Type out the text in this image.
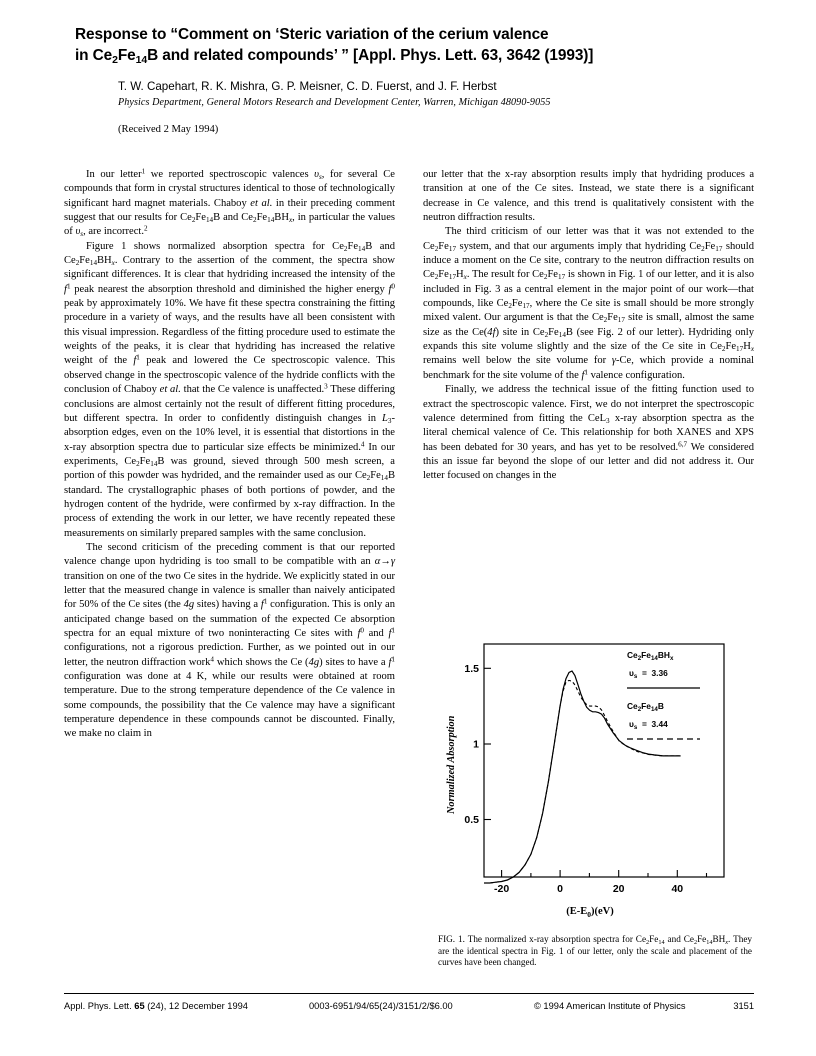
Response to “Comment on ‘Steric variation of the cerium valence
in $Ce_2Fe_{14}B$ and related compounds’ ” [Appl. Phys. Lett. 63, 3642 (1993)]
T. W. Capehart, R. K. Mishra, G. P. Meisner, C. D. Fuerst, and J. F. Herbst
Physics Department, General Motors Research and Development Center, Warren, Michigan 48090-9055
(Received 2 May 1994)

In our letter$^1$ we reported spectroscopic valences $\upsilon_s$, for several Ce compounds that form in crystal structures identical to those of technologically significant hard magnet materials. Chaboy et al. in their preceding comment suggest that our results for $Ce_2Fe_{14}B$ and $Ce_2Fe_{14}BH_x$, in particular the values of $\upsilon_s$, are incorrect.$^2$

Figure 1 shows normalized absorption spectra for $Ce_2Fe_{14}B$ and $Ce_2Fe_{14}BH_x$. Contrary to the assertion of the comment, the spectra show significant differences. It is clear that hydriding increased the intensity of the $f^1$ peak nearest the absorption threshold and diminished the higher energy $f^0$ peak by approximately 10%. We have fit these spectra constraining the fitting procedure in a variety of ways, and the results have all been consistent with this visual impression. Regardless of the fitting procedure used to estimate the weights of the peaks, it is clear that hydriding has increased the relative weight of the $f^1$ peak and lowered the Ce spectroscopic valence. This observed change in the spectroscopic valence of the hydride conflicts with the conclusion of Chaboy et al. that the Ce valence is unaffected.$^3$ These differing conclusions are almost certainly not the result of different fitting procedures, but different spectra. In order to confidently distinguish changes in $L_3-$ absorption edges, even on the 10% level, it is essential that distortions in the x-ray absorption spectra due to particular size effects be minimized.$^4$ In our experiments, $Ce_2Fe_{14}B$ was ground, sieved through 500 mesh screen, a portion of this powder was hydrided, and the remainder used as our $Ce_2Fe_{14}B$ standard. The crystallographic phases of both portions of powder, and the hydrogen content of the hydride, were confirmed by x-ray diffraction. In the process of extending the work in our letter, we have recently repeated these measurements on similarly prepared samples with the same conclusion.

The second criticism of the preceding comment is that our reported valence change upon hydriding is too small to be compatible with an α→γ transition on one of the two Ce sites in the hydride. We explicitly stated in our letter that the measured change in valence is smaller than naively anticipated for 50% of the Ce sites (the 4g sites) having a $f^1$ configuration. This is only an anticipated change based on the summation of the expected Ce absorption spectra for an equal mixture of two noninteracting Ce sites with $f^0$ and $f^1$ configurations, not a rigorous prediction. Further, as we pointed out in our letter, the neutron diffraction work$^4$ which shows the Ce (4g) sites to have a $f^1$ configuration was done at 4 K, while our results were obtained at room temperature. Due to the strong temperature dependence of the Ce valence in some compounds, the possibility that the Ce valence may have a significant temperature dependence in these compounds cannot be discounted. Finally, we make no claim in

our letter that the x-ray absorption results imply that hydriding produces a transition at one of the Ce sites. Instead, we state there is a significant decrease in Ce valence, and this trend is qualitatively consistent with the neutron diffraction results.

The third criticism of our letter was that it was not extended to the $Ce_2Fe_{17}$ system, and that our arguments imply that hydriding $Ce_2Fe_{17}$ should induce a moment on the Ce site, contrary to the neutron diffraction results on $Ce_2Fe_{17}H_x$. The result for $Ce_2Fe_{17}$ is shown in Fig. 1 of our letter, and it is also included in Fig. 3 as a central element in the major point of our work—that compounds, like $Ce_2Fe_{17}$, where the Ce site is small should be more strongly mixed valent. Our argument is that the $Ce_2Fe_{17}$ site is small, almost the same size as the Ce(4f) site in $Ce_2Fe_{14}B$ (see Fig. 2 of our letter). Hydriding only expands this site volume slightly and the size of the Ce site in $Ce_2Fe_{17}H_x$ remains well below the site volume for γ-Ce, which provide a nominal benchmark for the site volume of the $f^1$ valence configuration.

Finally, we address the technical issue of the fitting function used to extract the spectroscopic valence. First, we do not interpret the spectroscopic valence determined from fitting the CeL$_3$ x-ray absorption spectra as the literal chemical valence of Ce. This relationship for both XANES and XPS has been debated for 30 years, and has yet to be resolved.$^{6,7}$ We considered this an issue far beyond the slope of our letter and did not address it. Our letter focused on changes in the

0.5
1
1.5
-20	0	20	40
$(E-E_0)(eV)$
Normalized Absorption
$Ce_2Fe_{14}BH_x$
$\upsilon_s = 3.36$
$Ce_2Fe_{14}B$
$\upsilon_s = 3.44$
FIG. 1. The normalized x-ray absorption spectra for $Ce_2Fe_{14}$ and $Ce_2Fe_{14}BH_x$. They are the identical spectra in Fig. 1 of our letter, only the scale and placement of the curves have been changed.
Appl. Phys. Lett. 65 (24), 12 December 1994	0003-6951/94/65(24)/3151/2/$6.00	© 1994 American Institute of Physics	3151
